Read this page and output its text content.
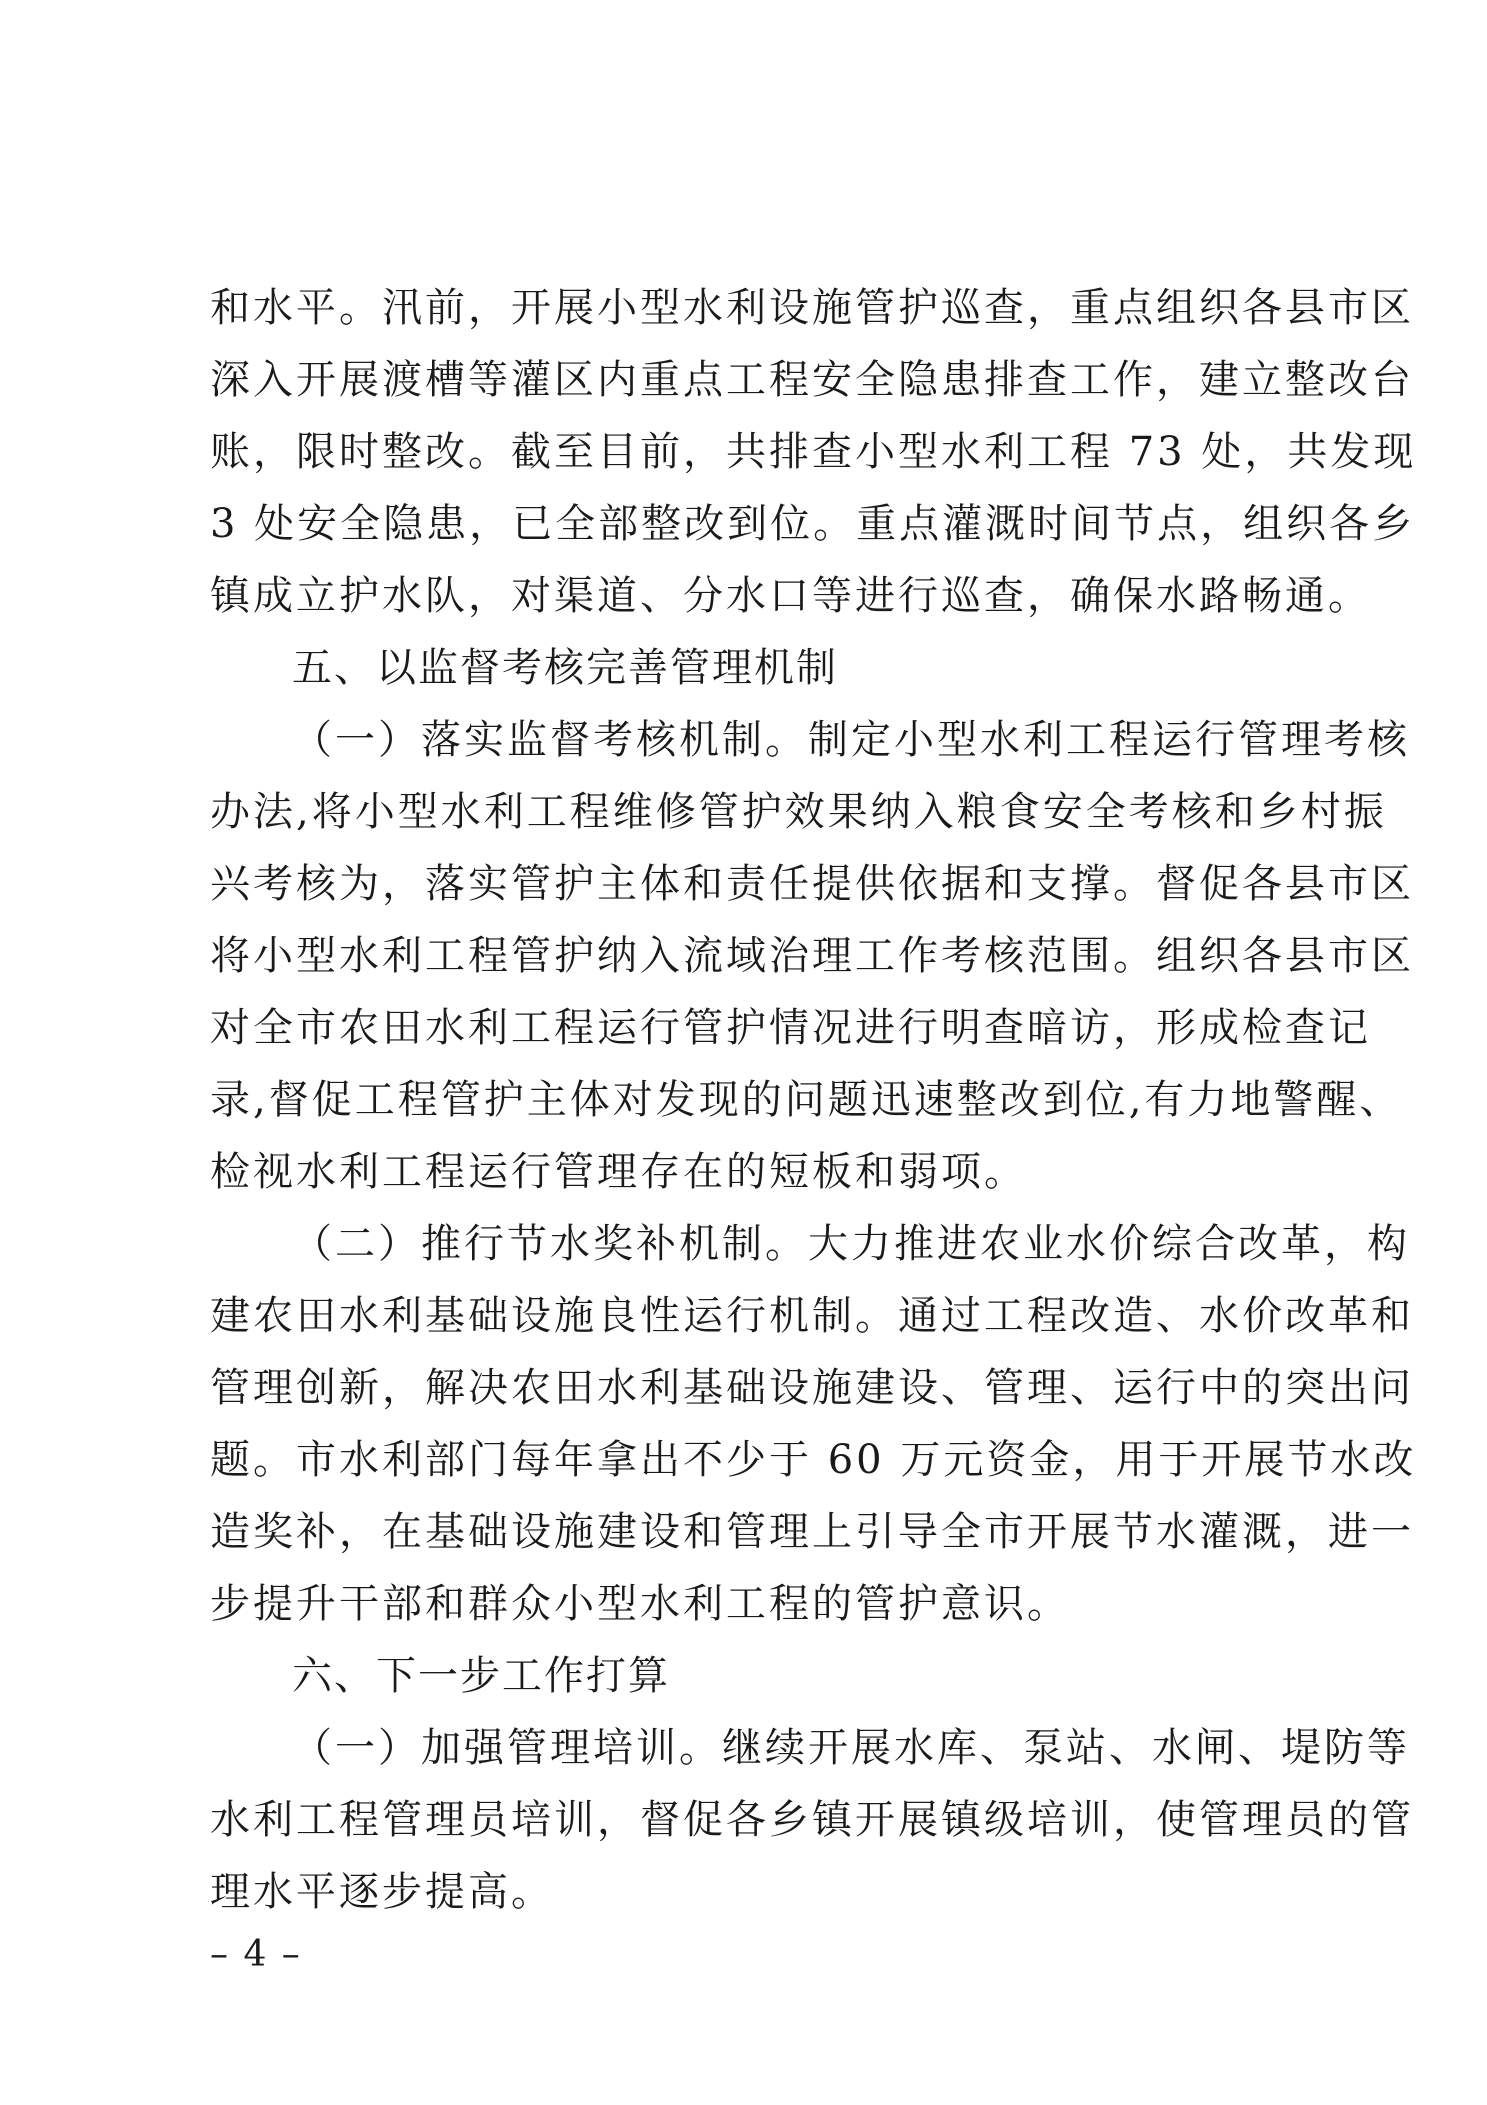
和水平。汛前，开展小型水利设施管护巡查，重点组织各县市区
深入开展渡槽等灌区内重点工程安全隐患排查工作，建立整改台
账，限时整改。截至目前，共排查小型水利工程 73 处，共发现
3 处安全隐患，已全部整改到位。重点灌溉时间节点，组织各乡
镇成立护水队，对渠道、分水口等进行巡查，确保水路畅通。
五、以监督考核完善管理机制
（一）落实监督考核机制。制定小型水利工程运行管理考核
办法,将小型水利工程维修管护效果纳入粮食安全考核和乡村振
兴考核为，落实管护主体和责任提供依据和支撑。督促各县市区
将小型水利工程管护纳入流域治理工作考核范围。组织各县市区
对全市农田水利工程运行管护情况进行明查暗访，形成检查记
录,督促工程管护主体对发现的问题迅速整改到位,有力地警醒、
检视水利工程运行管理存在的短板和弱项。
（二）推行节水奖补机制。大力推进农业水价综合改革，构
建农田水利基础设施良性运行机制。通过工程改造、水价改革和
管理创新，解决农田水利基础设施建设、管理、运行中的突出问
题。市水利部门每年拿出不少于 60 万元资金，用于开展节水改
造奖补，在基础设施建设和管理上引导全市开展节水灌溉，进一
步提升干部和群众小型水利工程的管护意识。
六、下一步工作打算
（一）加强管理培训。继续开展水库、泵站、水闸、堤防等
水利工程管理员培训，督促各乡镇开展镇级培训，使管理员的管
理水平逐步提高。
– 4 –
